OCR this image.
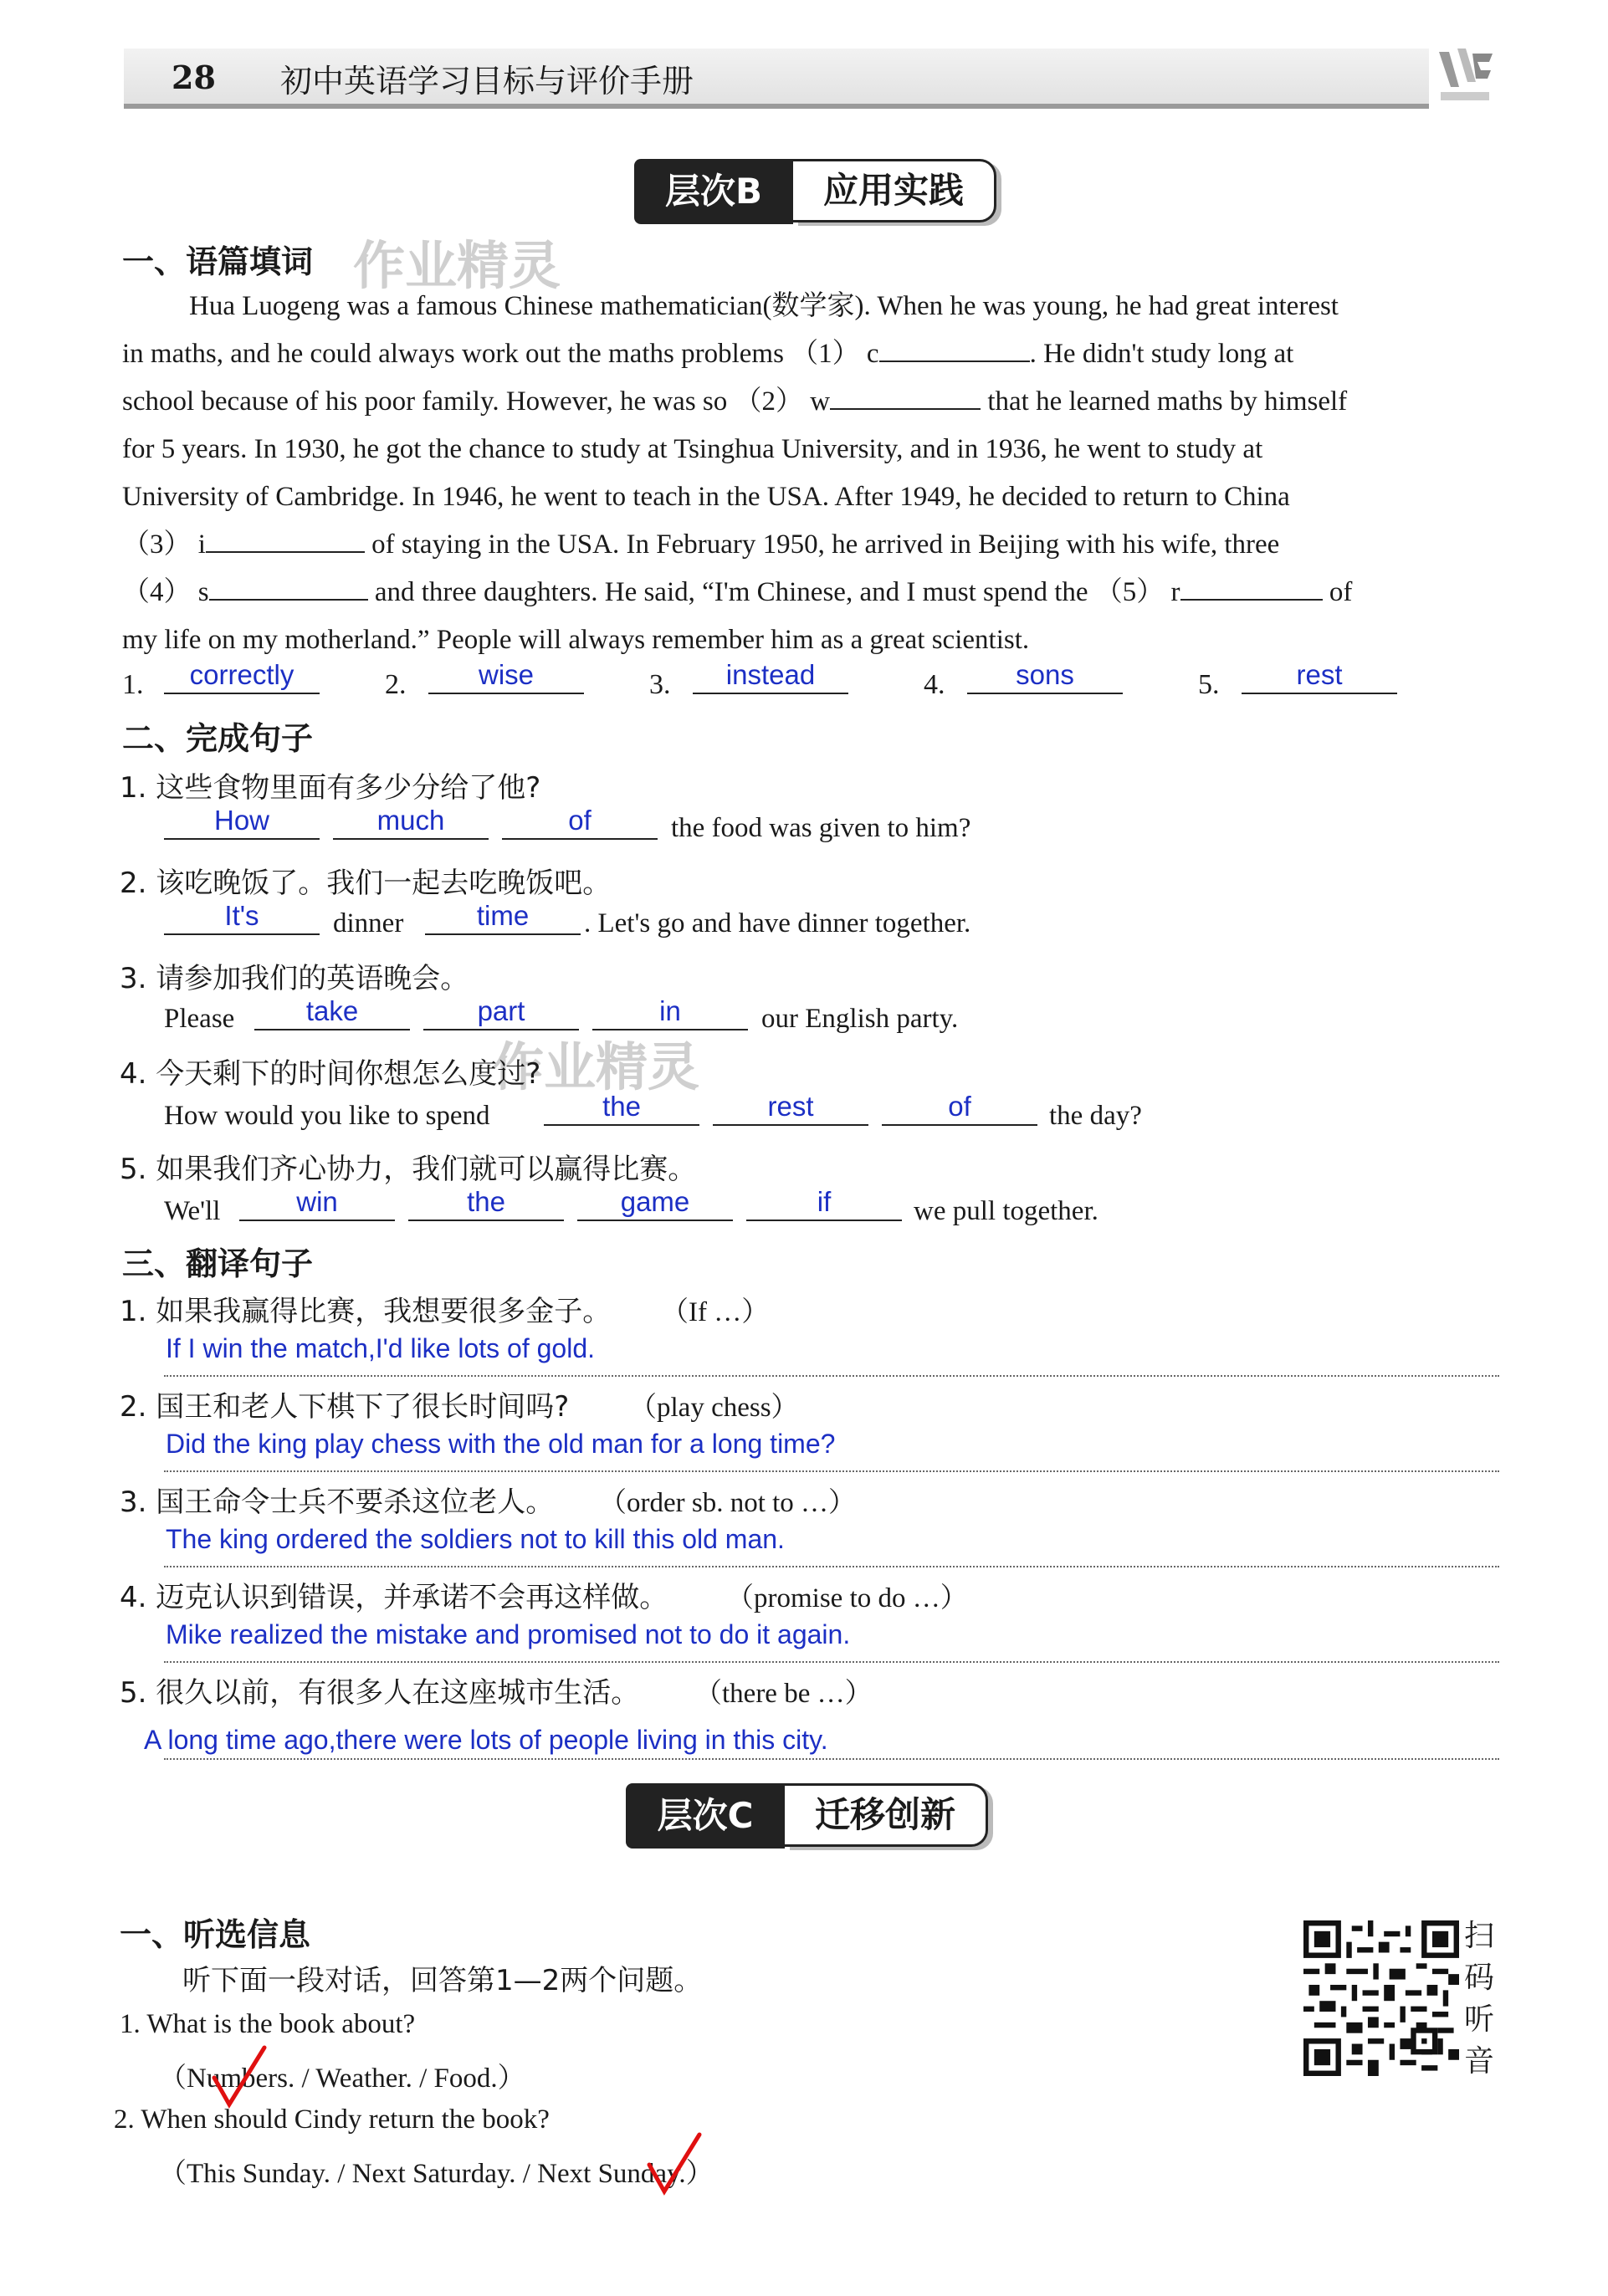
28 初中英语学习目标与评价手册
层次B	应用实践
一、语篇填词 作业精灵

Hua Luogeng was a famous Chinese mathematician(数学家). When he was young, he had great interest

in maths, and he could always work out the maths problems （1） c	. He didn't study long at

school because of his poor family. However, he was so （2） w	that he learned maths by himself

for 5 years. In 1930, he got the chance to study at Tsinghua University, and in 1936, he went to study at

University of Cambridge. In 1946, he went to teach in the USA. After 1949, he decided to return to China

（3） i	of staying in the USA. In February 1950, he arrived in Beijing with his wife, three

（4） s	and three daughters. He said, “I'm Chinese, and I must spend the （5） r	of

my life on my motherland.” People will always remember him as a great scientist.

1.	correctly	2.	wise	3.	instead	4.	sons	5.	rest
二、完成句子
1. 这些食物里面有多少分给了他?
How	much	of	the food was given to him?
2. 该吃晚饭了。我们一起去吃晚饭吧。
It's	dinner	time	. Let's go and have dinner together.
3. 请参加我们的英语晚会。
Please	take	part	in	our English party.
作业精灵
4. 今天剩下的时间你想怎么度过?
How would you like to spend	the	rest	of	the day?
5. 如果我们齐心协力，我们就可以赢得比赛。
We'll	win	the	game	if	we pull together.
三、翻译句子
1. 如果我赢得比赛，我想要很多金子。 （If …）
If I win the match,I'd like lots of gold.
2. 国王和老人下棋下了很长时间吗? （play chess）
Did the king play chess with the old man for a long time?
3. 国王命令士兵不要杀这位老人。 （order sb. not to …）
The king ordered the soldiers not to kill this old man.
4. 迈克认识到错误，并承诺不会再这样做。 （promise to do …）
Mike realized the mistake and promised not to do it again.
5. 很久以前，有很多人在这座城市生活。 （there be …）
A long time ago,there were lots of people living in this city.
层次C	迁移创新
一、听选信息
听下面一段对话，回答第1—2两个问题。
1. What is the book about?
（Numbers. / Weather. / Food.）
2. When should Cindy return the book?
（This Sunday. / Next Saturday. / Next Sunday.）
扫
码
听
音
